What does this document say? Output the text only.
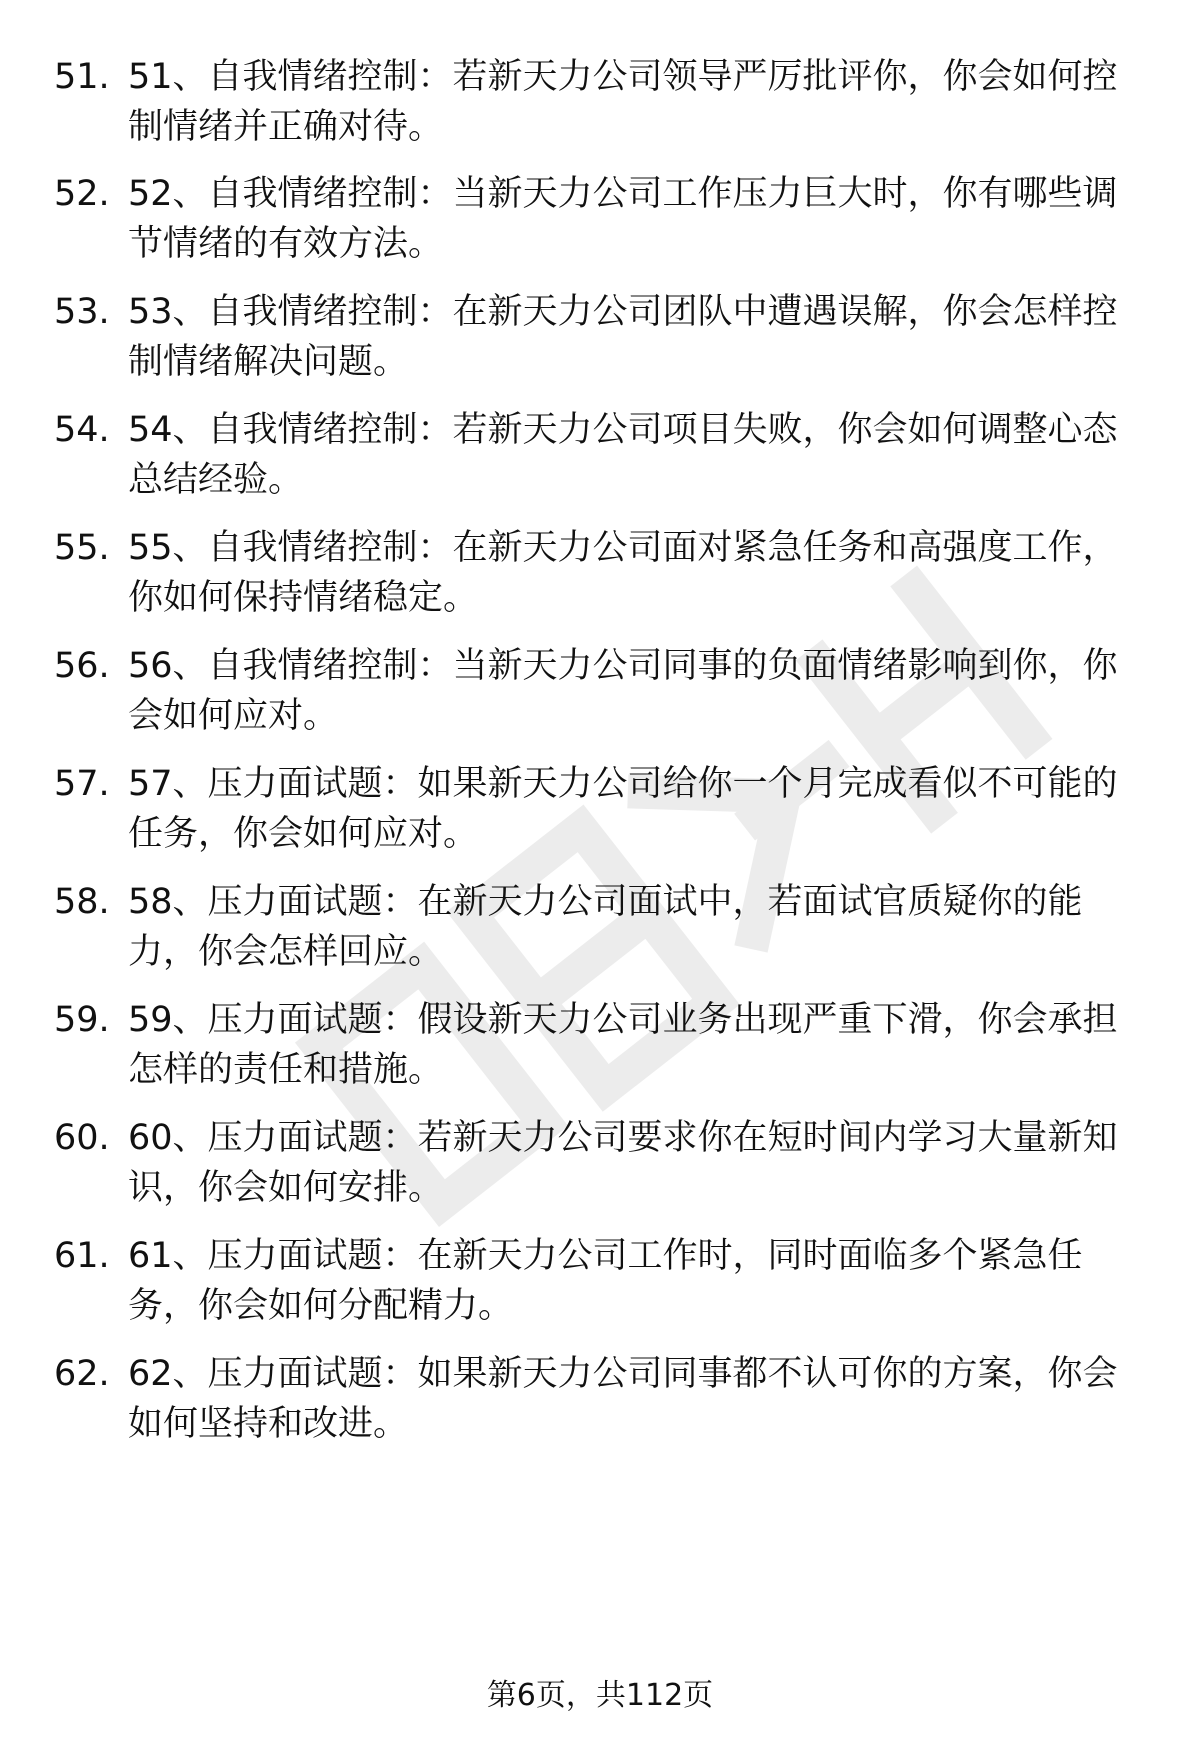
51. 51、自我情绪控制：若新天力公司领导严厉批评你，你会如何控
制情绪并正确对待。
52. 52、自我情绪控制：当新天力公司工作压力巨大时，你有哪些调
节情绪的有效方法。
53. 53、自我情绪控制：在新天力公司团队中遭遇误解，你会怎样控
制情绪解决问题。
54. 54、自我情绪控制：若新天力公司项目失败，你会如何调整心态
总结经验。
55. 55、自我情绪控制：在新天力公司面对紧急任务和高强度工作，
你如何保持情绪稳定。
56. 56、自我情绪控制：当新天力公司同事的负面情绪影响到你，你
会如何应对。
57. 57、压力面试题：如果新天力公司给你一个月完成看似不可能的
任务，你会如何应对。
58. 58、压力面试题：在新天力公司面试中，若面试官质疑你的能
力，你会怎样回应。
59. 59、压力面试题：假设新天力公司业务出现严重下滑，你会承担
怎样的责任和措施。
60. 60、压力面试题：若新天力公司要求你在短时间内学习大量新知
识，你会如何安排。
61. 61、压力面试题：在新天力公司工作时，同时面临多个紧急任
务，你会如何分配精力。
62. 62、压力面试题：如果新天力公司同事都不认可你的方案，你会
如何坚持和改进。
第6页，共112页
